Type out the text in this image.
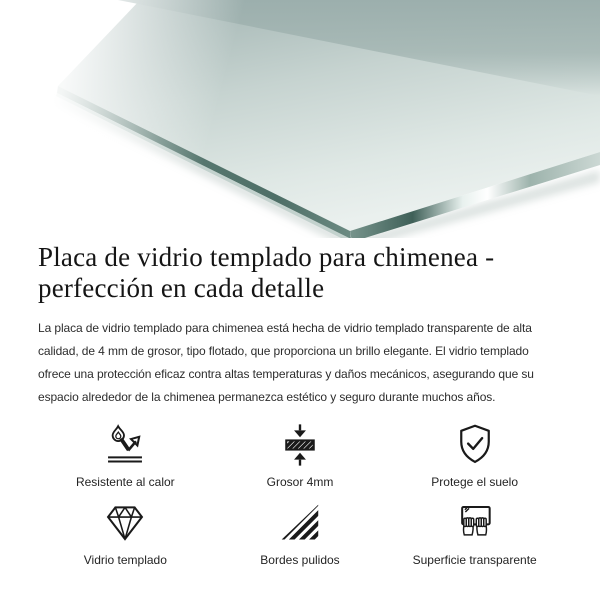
Placa de vidrio templado para chimenea -
perfección en cada detalle

La placa de vidrio templado para chimenea está hecha de vidrio templado transparente de alta calidad, de 4 mm de grosor, tipo flotado, que proporciona un brillo elegante. El vidrio templado ofrece una protección eficaz contra altas temperaturas y daños mecánicos, asegurando que su espacio alrededor de la chimenea permanezca estético y seguro durante muchos años.

Resistente al calor	Grosor 4mm	Protege el suelo
Vidrio templado	Bordes pulidos	Superficie transparente
